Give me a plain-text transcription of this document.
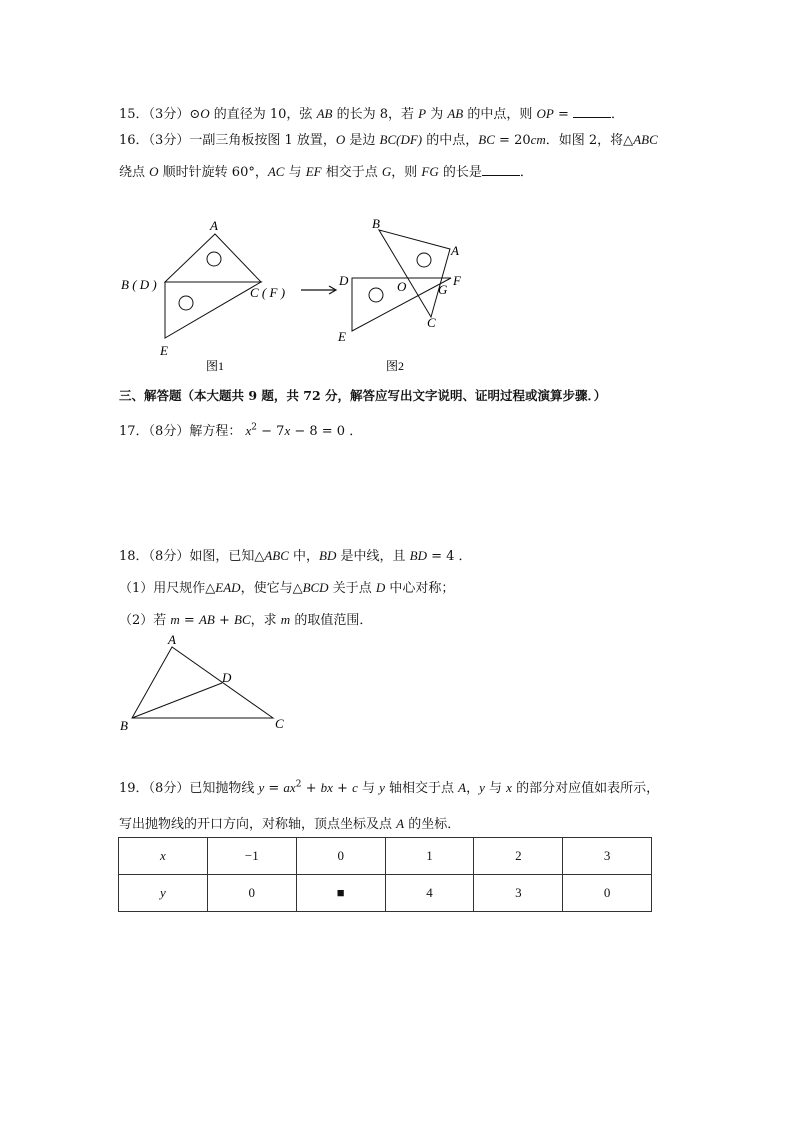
15．（3分）⊙O 的直径为 10，弦 AB 的长为 8，若 P 为 AB 的中点，则 OP =	．
16．（3分）一副三角板按图 1 放置，O 是边 BC(DF) 的中点，BC = 20cm．如图 2，将△ABC
绕点 O 顺时针旋转 60°，AC 与 EF 相交于点 G，则 FG 的长是	．
A
B ( D )
C ( F )
E
图1
B
A
D	O	F
G
C
E
图2
三、解答题（本大题共 9 题，共 72 分，解答应写出文字说明、证明过程或演算步骤．）
17．（8分）解方程： $x^2 - 7x - 8 = 0$ ．
18．（8分）如图，已知△ABC 中，BD 是中线，且 BD = 4 ．
（1）用尺规作△EAD，使它与△BCD 关于点 D 中心对称；
（2）若 m = AB + BC，求 m 的取值范围．
A
D
B	C
19．（8分）已知抛物线 $y = ax^2$ + bx + c 与 y 轴相交于点 A，y 与 x 的部分对应值如表所示，
写出抛物线的开口方向，对称轴，顶点坐标及点 A 的坐标．
x	−1	0	1	2	3
y	0	■	4	3	0
